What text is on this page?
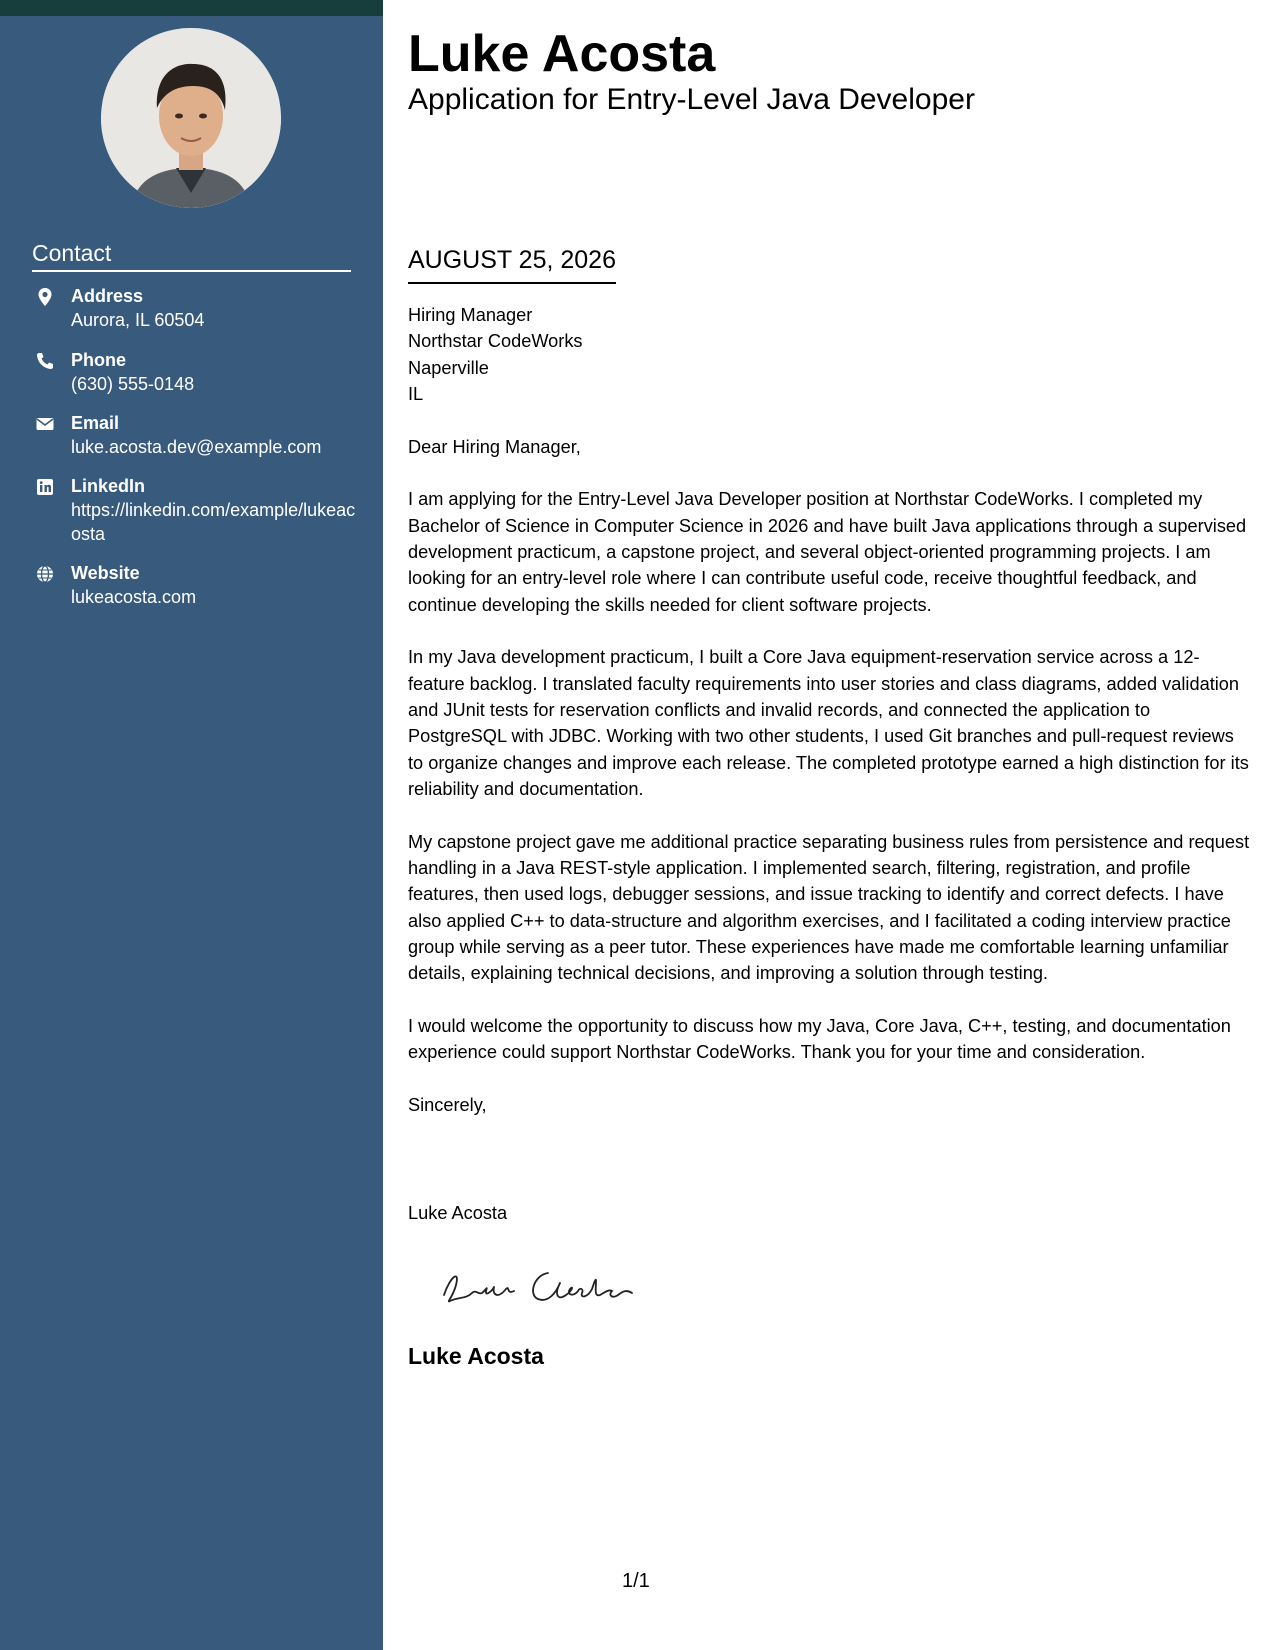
Contact
Address
Aurora, IL 60504
Phone
(630) 555-0148
Email
luke.acosta.dev@example.com
LinkedIn
https://linkedin.com/example/lukeacosta
Website
lukeacosta.com
Luke Acosta
Application for Entry-Level Java Developer
AUGUST 25, 2026

Hiring Manager
Northstar CodeWorks
Naperville
IL

Dear Hiring Manager,

I am applying for the Entry-Level Java Developer position at Northstar CodeWorks. I completed my Bachelor of Science in Computer Science in 2026 and have built Java applications through a supervised development practicum, a capstone project, and several object-oriented programming projects. I am looking for an entry-level role where I can contribute useful code, receive thoughtful feedback, and continue developing the skills needed for client software projects.

In my Java development practicum, I built a Core Java equipment-reservation service across a 12-feature backlog. I translated faculty requirements into user stories and class diagrams, added validation and JUnit tests for reservation conflicts and invalid records, and connected the application to PostgreSQL with JDBC. Working with two other students, I used Git branches and pull-request reviews to organize changes and improve each release. The completed prototype earned a high distinction for its reliability and documentation.

My capstone project gave me additional practice separating business rules from persistence and request handling in a Java REST-style application. I implemented search, filtering, registration, and profile features, then used logs, debugger sessions, and issue tracking to identify and correct defects. I have also applied C++ to data-structure and algorithm exercises, and I facilitated a coding interview practice group while serving as a peer tutor. These experiences have made me comfortable learning unfamiliar details, explaining technical decisions, and improving a solution through testing.

I would welcome the opportunity to discuss how my Java, Core Java, C++, testing, and documentation experience could support Northstar CodeWorks. Thank you for your time and consideration.

Sincerely,

Luke Acosta
Luke Acosta
1/1
